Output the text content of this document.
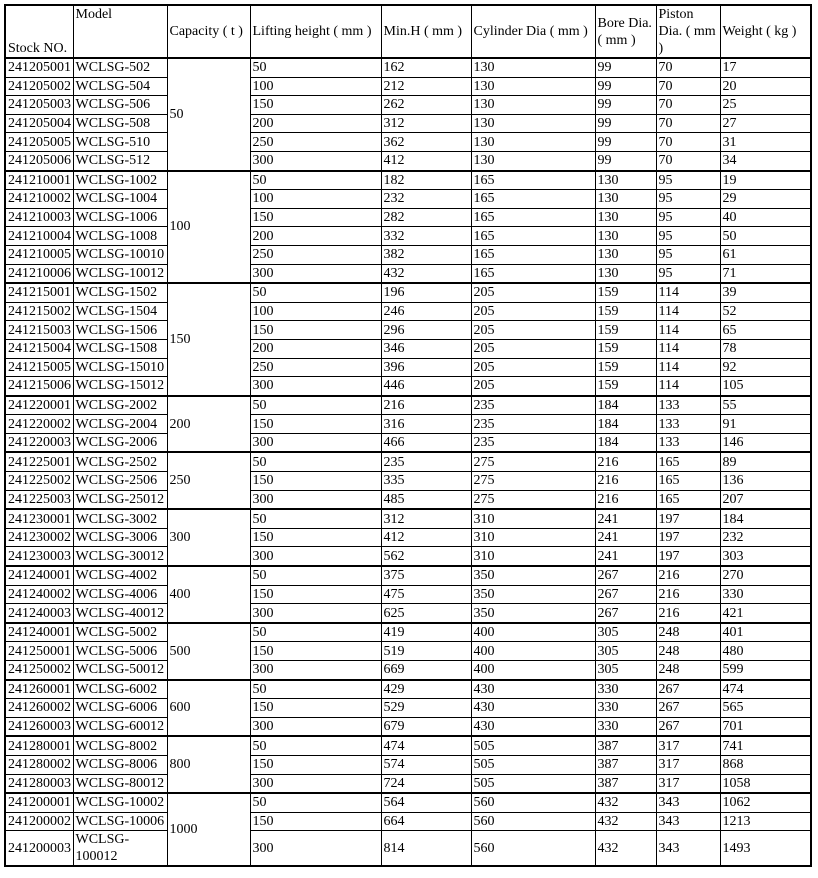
Stock NO.	Model	Capacity ( t )	Lifting height ( mm )	Min.H ( mm )	Cylinder Dia ( mm )	Bore Dia. ( mm )	Piston Dia. ( mm )	Weight ( kg )
241205001	WCLSG-502	50	50	162	130	99	70	17
241205002	WCLSG-504		100	212	130	99	70	20
241205003	WCLSG-506		150	262	130	99	70	25
241205004	WCLSG-508		200	312	130	99	70	27
241205005	WCLSG-510		250	362	130	99	70	31
241205006	WCLSG-512		300	412	130	99	70	34
241210001	WCLSG-1002	100	50	182	165	130	95	19
241210002	WCLSG-1004		100	232	165	130	95	29
241210003	WCLSG-1006		150	282	165	130	95	40
241210004	WCLSG-1008		200	332	165	130	95	50
241210005	WCLSG-10010		250	382	165	130	95	61
241210006	WCLSG-10012		300	432	165	130	95	71
241215001	WCLSG-1502	150	50	196	205	159	114	39
241215002	WCLSG-1504		100	246	205	159	114	52
241215003	WCLSG-1506		150	296	205	159	114	65
241215004	WCLSG-1508		200	346	205	159	114	78
241215005	WCLSG-15010		250	396	205	159	114	92
241215006	WCLSG-15012		300	446	205	159	114	105
241220001	WCLSG-2002	200	50	216	235	184	133	55
241220002	WCLSG-2004		150	316	235	184	133	91
241220003	WCLSG-2006		300	466	235	184	133	146
241225001	WCLSG-2502	250	50	235	275	216	165	89
241225002	WCLSG-2506		150	335	275	216	165	136
241225003	WCLSG-25012		300	485	275	216	165	207
241230001	WCLSG-3002	300	50	312	310	241	197	184
241230002	WCLSG-3006		150	412	310	241	197	232
241230003	WCLSG-30012		300	562	310	241	197	303
241240001	WCLSG-4002	400	50	375	350	267	216	270
241240002	WCLSG-4006		150	475	350	267	216	330
241240003	WCLSG-40012		300	625	350	267	216	421
241240001	WCLSG-5002	500	50	419	400	305	248	401
241250001	WCLSG-5006		150	519	400	305	248	480
241250002	WCLSG-50012		300	669	400	305	248	599
241260001	WCLSG-6002	600	50	429	430	330	267	474
241260002	WCLSG-6006		150	529	430	330	267	565
241260003	WCLSG-60012		300	679	430	330	267	701
241280001	WCLSG-8002	800	50	474	505	387	317	741
241280002	WCLSG-8006		150	574	505	387	317	868
241280003	WCLSG-80012		300	724	505	387	317	1058
241200001	WCLSG-10002	1000	50	564	560	432	343	1062
241200002	WCLSG-10006		150	664	560	432	343	1213
241200003	WCLSG-100012		300	814	560	432	343	1493
